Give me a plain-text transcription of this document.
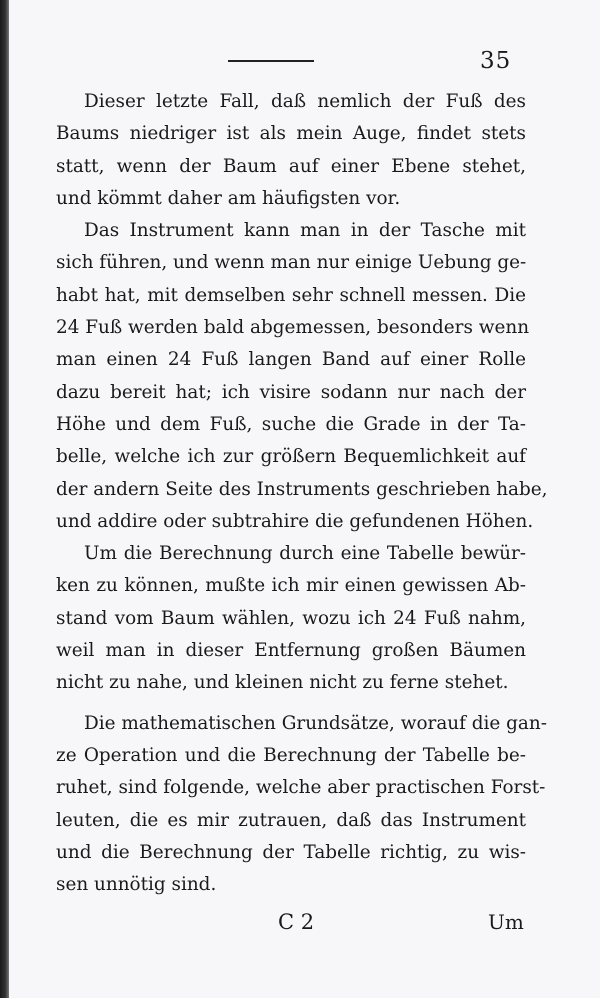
35
Dieser letzte Fall, daß nemlich der Fuß des
Baums niedriger ist als mein Auge, findet stets
statt, wenn der Baum auf einer Ebene stehet,
und kömmt daher am häufigsten vor.
Das Instrument kann man in der Tasche mit
sich führen, und wenn man nur einige Uebung ge-
habt hat, mit demselben sehr schnell messen. Die
24 Fuß werden bald abgemessen, besonders wenn
man einen 24 Fuß langen Band auf einer Rolle
dazu bereit hat; ich visire sodann nur nach der
Höhe und dem Fuß, suche die Grade in der Ta-
belle, welche ich zur größern Bequemlichkeit auf
der andern Seite des Instruments geschrieben habe,
und addire oder subtrahire die gefundenen Höhen.
Um die Berechnung durch eine Tabelle bewür-
ken zu können, mußte ich mir einen gewissen Ab-
stand vom Baum wählen, wozu ich 24 Fuß nahm,
weil man in dieser Entfernung großen Bäumen
nicht zu nahe, und kleinen nicht zu ferne stehet.
Die mathematischen Grundsätze, worauf die gan-
ze Operation und die Berechnung der Tabelle be-
ruhet, sind folgende, welche aber practischen Forst-
leuten, die es mir zutrauen, daß das Instrument
und die Berechnung der Tabelle richtig, zu wis-
sen unnötig sind.
C 2	Um
